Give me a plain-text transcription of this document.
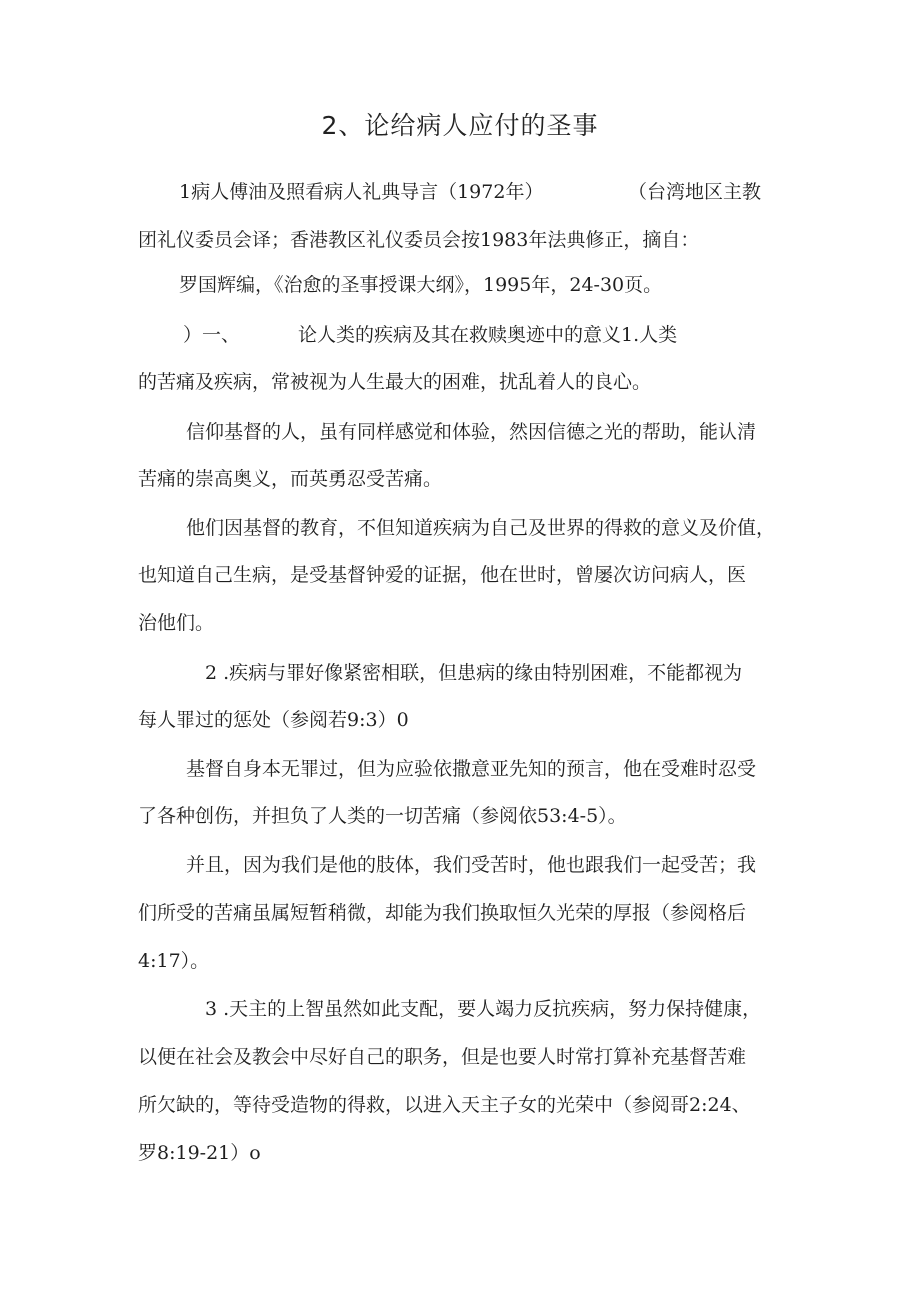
2、论给病人应付的圣事
1病人傅油及照看病人礼典导言（1972年）	（台湾地区主教
团礼仪委员会译；香港教区礼仪委员会按1983年法典修正，摘自：
罗国辉编，《治愈的圣事授课大纲》，1995年，24-30页。
）一、	论人类的疾病及其在救赎奥迹中的意义1.人类
的苦痛及疾病，常被视为人生最大的困难，扰乱着人的良心。
信仰基督的人，虽有同样感觉和体验，然因信德之光的帮助，能认清
苦痛的崇高奥义，而英勇忍受苦痛。
他们因基督的教育，不但知道疾病为自己及世界的得救的意义及价值，
也知道自己生病，是受基督钟爱的证据，他在世时，曾屡次访问病人，医
治他们。
2 .疾病与罪好像紧密相联，但患病的缘由特别困难，不能都视为
每人罪过的惩处（参阅若9:3）0
基督自身本无罪过，但为应验依撒意亚先知的预言，他在受难时忍受
了各种创伤，并担负了人类的一切苦痛（参阅依53:4-5）。
并且，因为我们是他的肢体，我们受苦时，他也跟我们一起受苦；我
们所受的苦痛虽属短暂稍微，却能为我们换取恒久光荣的厚报（参阅格后
4:17）。
3 .天主的上智虽然如此支配，要人竭力反抗疾病，努力保持健康，
以便在社会及教会中尽好自己的职务，但是也要人时常打算补充基督苦难
所欠缺的，等待受造物的得救，以进入天主子女的光荣中（参阅哥2:24、
罗8:19-21）o
